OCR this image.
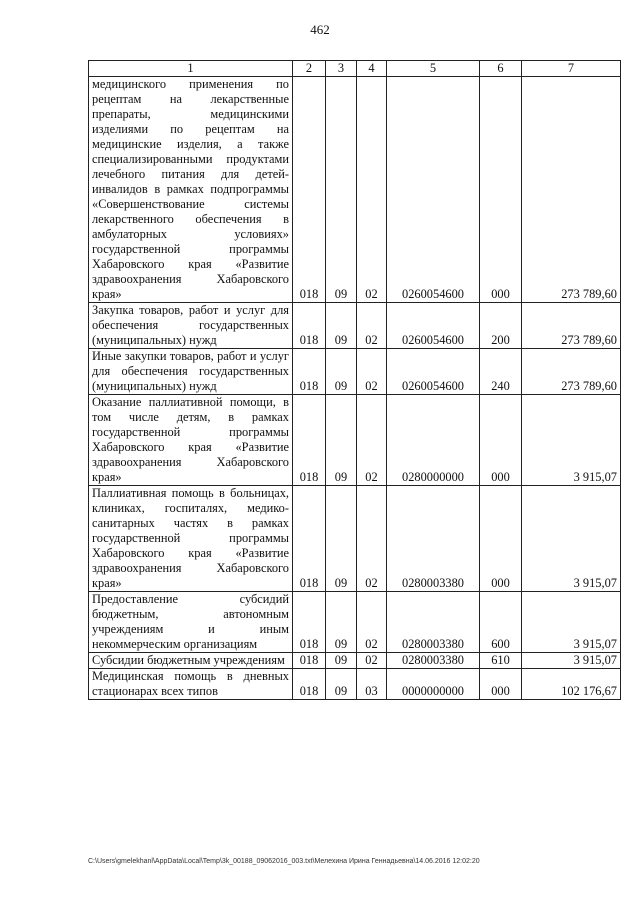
462
1	2	3	4	5	6	7
медицинского применения по рецептам на лекарственные препараты, медицинскими изделиями по рецептам на медицинские изделия, а также специализированными продуктами лечебного питания для детей-инвалидов в рамках подпрограммы «Совершенствование системы лекарственного обеспечения в амбулаторных условиях» государственной программы Хабаровского края «Развитие здравоохранения Хабаровского края»	018	09	02	0260054600	000	273 789,60
Закупка товаров, работ и услуг для обеспечения государственных (муниципальных) нужд	018	09	02	0260054600	200	273 789,60
Иные закупки товаров, работ и услуг для обеспечения государственных (муниципальных) нужд	018	09	02	0260054600	240	273 789,60
Оказание паллиативной помощи, в том числе детям, в рамках государственной программы Хабаровского края «Развитие здравоохранения Хабаровского края»	018	09	02	0280000000	000	3 915,07
Паллиативная помощь в больницах, клиниках, госпиталях, медико-санитарных частях в рамках государственной программы Хабаровского края «Развитие здравоохранения Хабаровского края»	018	09	02	0280003380	000	3 915,07
Предоставление субсидий бюджетным, автономным учреждениям и иным некоммерческим организациям	018	09	02	0280003380	600	3 915,07
Субсидии бюджетным учреждениям	018	09	02	0280003380	610	3 915,07
Медицинская помощь в дневных стационарах всех типов	018	09	03	0000000000	000	102 176,67
C:\Users\gmelekhanl\AppData\Local\Temp\3k_00188_09062016_003.txt\Мелехина Ирина Геннадьевна\14.06.2016 12:02:20
